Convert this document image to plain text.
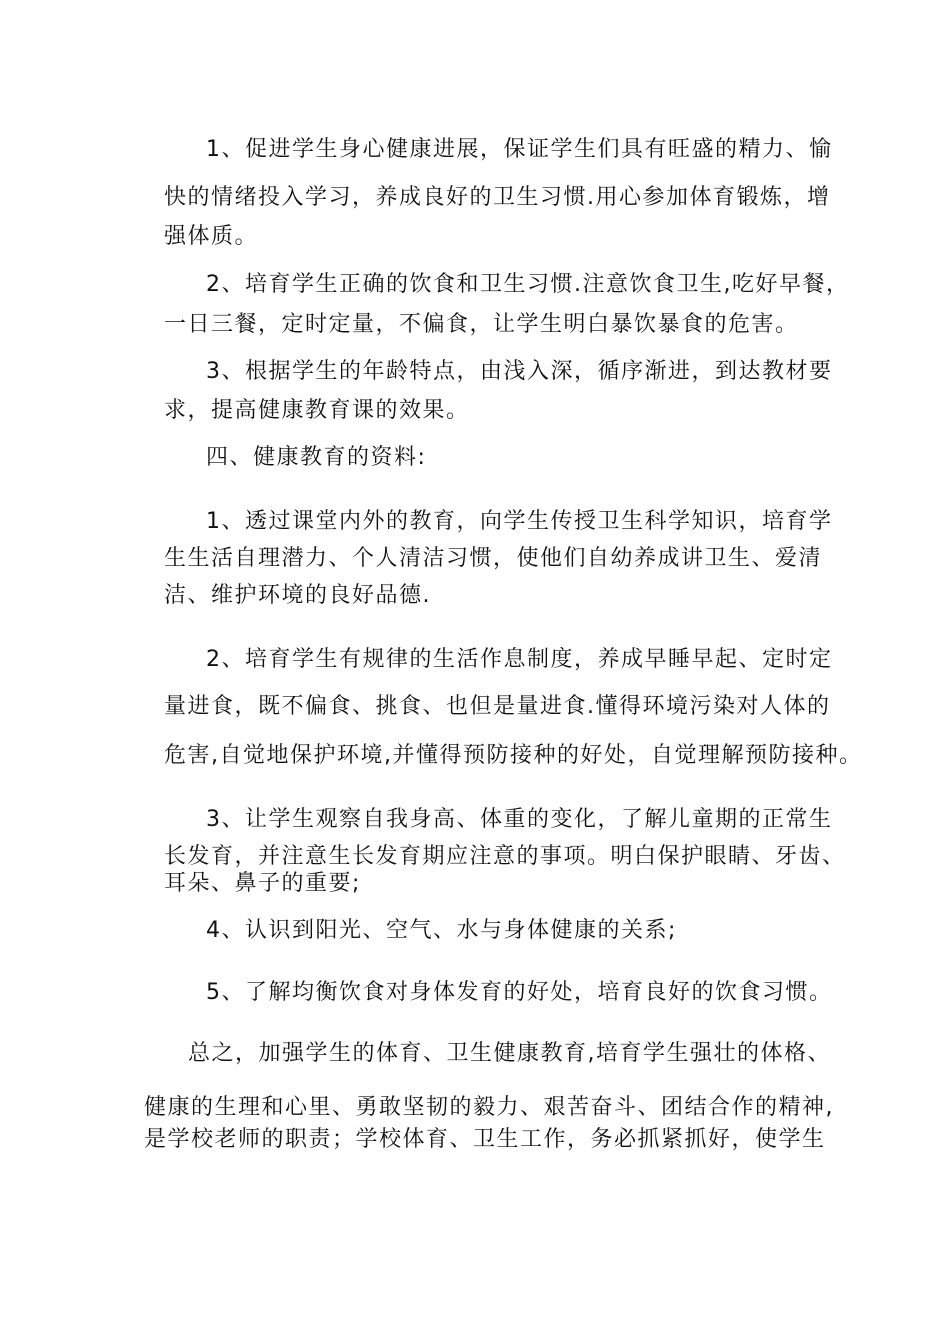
1、促进学生身心健康进展，保证学生们具有旺盛的精力、愉
快的情绪投入学习，养成良好的卫生习惯.用心参加体育锻炼，增
强体质。
2、培育学生正确的饮食和卫生习惯.注意饮食卫生,吃好早餐，
一日三餐，定时定量，不偏食，让学生明白暴饮暴食的危害。
3、根据学生的年龄特点，由浅入深，循序渐进，到达教材要
求，提高健康教育课的效果。
四、健康教育的资料:
1、透过课堂内外的教育，向学生传授卫生科学知识，培育学
生生活自理潜力、个人清洁习惯，使他们自幼养成讲卫生、爱清
洁、维护环境的良好品德.
2、培育学生有规律的生活作息制度，养成早睡早起、定时定
量进食，既不偏食、挑食、也但是量进食.懂得环境污染对人体的
危害,自觉地保护环境,并懂得预防接种的好处，自觉理解预防接种。
3、让学生观察自我身高、体重的变化，了解儿童期的正常生
长发育，并注意生长发育期应注意的事项。明白保护眼睛、牙齿、
耳朵、鼻子的重要;
4、认识到阳光、空气、水与身体健康的关系;
5、了解均衡饮食对身体发育的好处，培育良好的饮食习惯。
总之，加强学生的体育、卫生健康教育,培育学生强壮的体格、
健康的生理和心里、勇敢坚韧的毅力、艰苦奋斗、团结合作的精神,
是学校老师的职责；学校体育、卫生工作，务必抓紧抓好，使学生
